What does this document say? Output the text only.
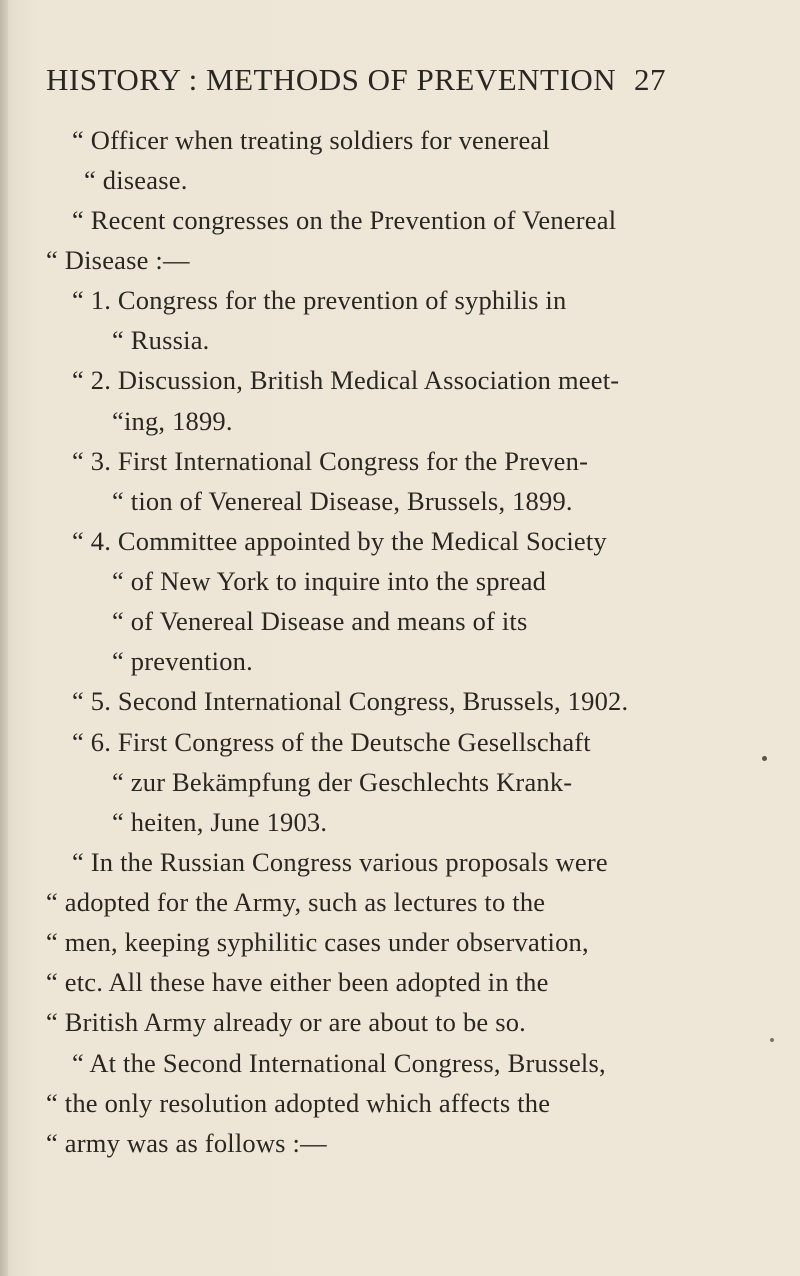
HISTORY : METHODS OF PREVENTION 27
“ Officer when treating soldiers for venereal
“ disease.
“ Recent congresses on the Prevention of Venereal
“ Disease :—
“ 1. Congress for the prevention of syphilis in
“ Russia.
“ 2. Discussion, British Medical Association meet-
“ing, 1899.
“ 3. First International Congress for the Preven-
“ tion of Venereal Disease, Brussels, 1899.
“ 4. Committee appointed by the Medical Society
“ of New York to inquire into the spread
“ of Venereal Disease and means of its
“ prevention.
“ 5. Second International Congress, Brussels, 1902.
“ 6. First Congress of the Deutsche Gesellschaft
“ zur Bekämpfung der Geschlechts Krank-
“ heiten, June 1903.
“ In the Russian Congress various proposals were
“ adopted for the Army, such as lectures to the
“ men, keeping syphilitic cases under observation,
“ etc. All these have either been adopted in the
“ British Army already or are about to be so.
“ At the Second International Congress, Brussels,
“ the only resolution adopted which affects the
“ army was as follows :—
